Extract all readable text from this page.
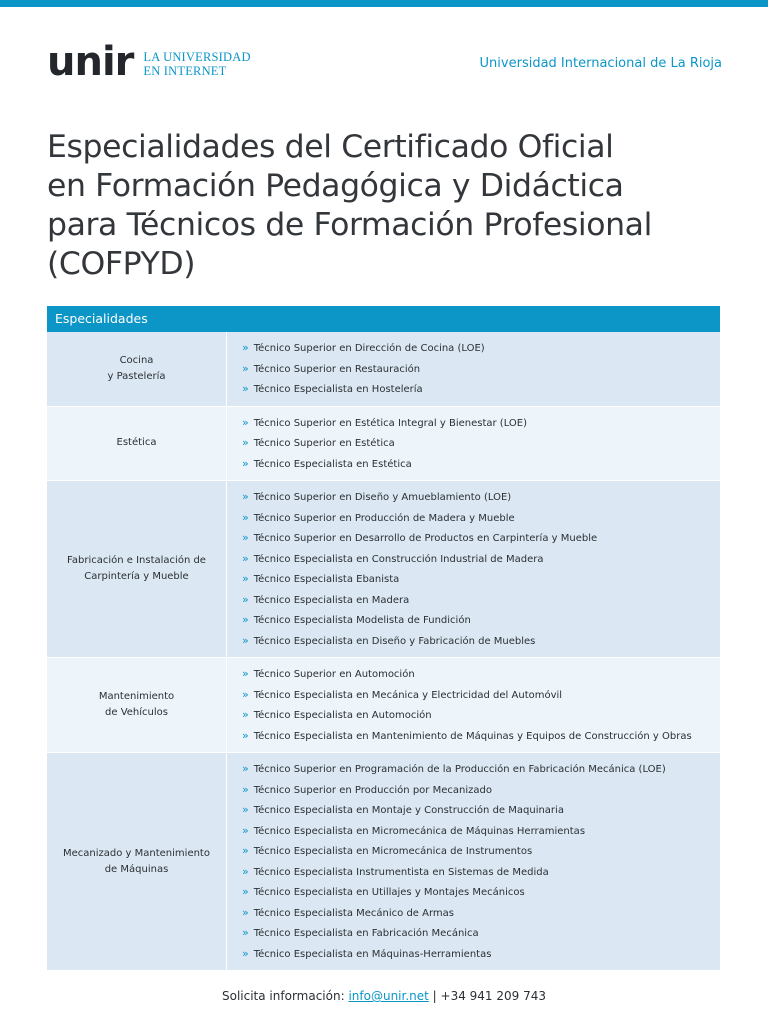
unir LA UNIVERSIDAD
EN INTERNET	Universidad Internacional de La Rioja
Especialidades del Certificado Oficial
en Formación Pedagógica y Didáctica
para Técnicos de Formación Profesional
(COFPYD)
Especialidades
Cocina
y Pastelería
» Técnico Superior en Dirección de Cocina (LOE)
» Técnico Superior en Restauración
» Técnico Especialista en Hostelería
Estética
» Técnico Superior en Estética Integral y Bienestar (LOE)
» Técnico Superior en Estética
» Técnico Especialista en Estética
Fabricación e Instalación de
Carpintería y Mueble
» Técnico Superior en Diseño y Amueblamiento (LOE)
» Técnico Superior en Producción de Madera y Mueble
» Técnico Superior en Desarrollo de Productos en Carpintería y Mueble
» Técnico Especialista en Construcción Industrial de Madera
» Técnico Especialista Ebanista
» Técnico Especialista en Madera
» Técnico Especialista Modelista de Fundición
» Técnico Especialista en Diseño y Fabricación de Muebles
Mantenimiento
de Vehículos
» Técnico Superior en Automoción
» Técnico Especialista en Mecánica y Electricidad del Automóvil
» Técnico Especialista en Automoción
» Técnico Especialista en Mantenimiento de Máquinas y Equipos de Construcción y Obras
Mecanizado y Mantenimiento
de Máquinas
» Técnico Superior en Programación de la Producción en Fabricación Mecánica (LOE)
» Técnico Superior en Producción por Mecanizado
» Técnico Especialista en Montaje y Construcción de Maquinaria
» Técnico Especialista en Micromecánica de Máquinas Herramientas
» Técnico Especialista en Micromecánica de Instrumentos
» Técnico Especialista Instrumentista en Sistemas de Medida
» Técnico Especialista en Utillajes y Montajes Mecánicos
» Técnico Especialista Mecánico de Armas
» Técnico Especialista en Fabricación Mecánica
» Técnico Especialista en Máquinas-Herramientas
Solicita información: info@unir.net | +34 941 209 743
